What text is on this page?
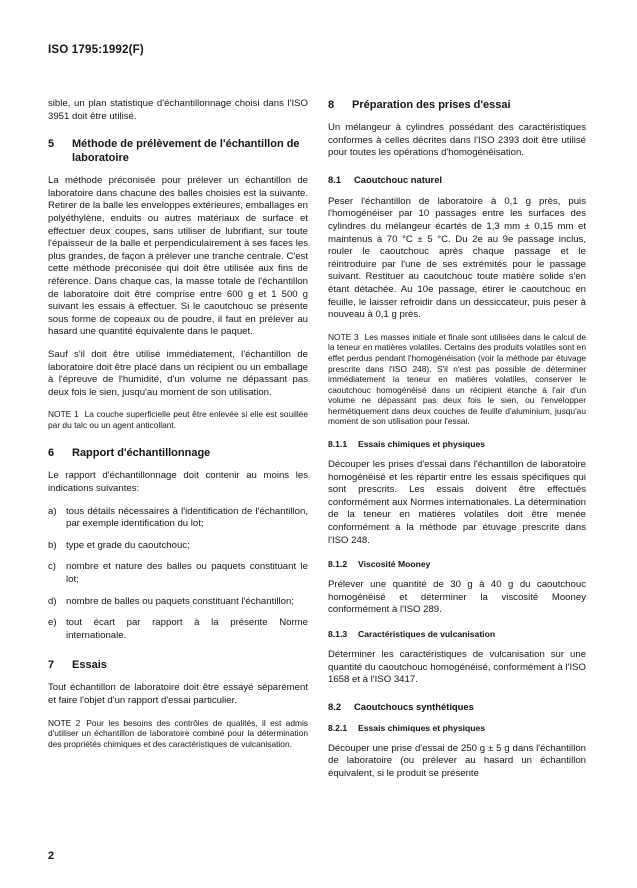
ISO 1795:1992(F)

sible, un plan statistique d'échantillonnage choisi dans l'ISO 3951 doit être utilisé.

5	Méthode de prélèvement de l'échantillon de laboratoire

La méthode préconisée pour prélever un échantillon de laboratoire dans chacune des balles choisies est la suivante. Retirer de la balle les enveloppes extérieures, emballages en polyéthylène, enduits ou autres matériaux de surface et effectuer deux coupes, sans utiliser de lubrifiant, sur toute l'épaisseur de la balle et perpendiculairement à ses faces les plus grandes, de façon à prélever une tranche centrale. C'est cette méthode préconisée qui doit être utilisée aux fins de référence. Dans chaque cas, la masse totale de l'échantillon de laboratoire doit être comprise entre 600 g et 1 500 g suivant les essais à effectuer. Si le caoutchouc se présente sous forme de copeaux ou de poudre, il faut en prélever au hasard une quantité équivalente dans le paquet.

Sauf s'il doit être utilisé immédiatement, l'échantillon de laboratoire doit être placé dans un récipient ou un emballage à l'épreuve de l'humidité, d'un volume ne dépassant pas deux fois le sien, jusqu'au moment de son utilisation.

NOTE 1 La couche superficielle peut être enlevée si elle est souillée par du talc ou un agent anticollant.
6	Rapport d'échantillonnage

Le rapport d'échantillonnage doit contenir au moins les indications suivantes:

a) tous détails nécessaires à l'identification de l'échantillon, par exemple identification du lot;
b) type et grade du caoutchouc;
c)	nombre et nature des balles ou paquets constituant le lot;
d) nombre de balles ou paquets constituant l'échantillon;
e) tout écart par rapport à la présente Norme internationale.
7	Essais

Tout échantillon de laboratoire doit être essayé séparément et faire l'objet d'un rapport d'essai particulier.

NOTE 2 Pour les besoins des contrôles de qualités, il est admis d'utiliser un échantillon de laboratoire combiné pour la détermination des propriétés chimiques et des caractéristiques de vulcanisation.
8	Préparation des prises d'essai

Un mélangeur à cylindres possédant des caractéristiques conformes à celles décrites dans l'ISO 2393 doit être utilisé pour toutes les opérations d'homogénéisation.

8.1	Caoutchouc naturel

Peser l'échantillon de laboratoire à 0,1 g près, puis l'homogénéiser par 10 passages entre les surfaces des cylindres du mélangeur écartés de 1,3 mm ± 0,15 mm et maintenus à 70 °C ± 5 °C. Du 2e au 9e passage inclus, rouler le caoutchouc après chaque passage et le réintroduire par l'une de ses extrémités pour le passage suivant. Restituer au caoutchouc toute matière solide s'en étant détachée. Au 10e passage, étirer le caoutchouc en feuille, le laisser refroidir dans un dessiccateur, puis peser à nouveau à 0,1 g près.

NOTE 3 Les masses initiale et finale sont utilisées dans le calcul de la teneur en matières volatiles. Certains des produits volatiles sont en effet perdus pendant l'homogénéisation (voir la méthode par étuvage prescrite dans l'ISO 248). S'il n'est pas possible de déterminer immédiatement la teneur en matières volatiles, conserver le caoutchouc homogénéisé dans un récipient étanche à l'air d'un volume ne dépassant pas deux fois le sien, ou l'envelopper hermétiquement dans deux couches de feuille d'aluminium, jusqu'au moment de son utilisation pour l'essai.
8.1.1	Essais chimiques et physiques

Découper les prises d'essai dans l'échantillon de laboratoire homogénéisé et les répartir entre les essais spécifiques qui sont prescrits. Les essais doivent être effectués conformément aux Normes internationales. La détermination de la teneur en matières volatiles doit être menée conformément à la méthode par étuvage prescrite dans l'ISO 248.

8.1.2	Viscosité Mooney

Prélever une quantité de 30 g à 40 g du caoutchouc homogénéisé et déterminer la viscosité Mooney conformément à l'ISO 289.

8.1.3	Caractéristiques de vulcanisation

Déterminer les caractéristiques de vulcanisation sur une quantité du caoutchouc homogénéisé, conformément à l'ISO 1658 et à l'ISO 3417.

8.2	Caoutchoucs synthétiques
8.2.1	Essais chimiques et physiques

Découper une prise d'essai de 250 g ± 5 g dans l'échantillon de laboratoire (ou prélever au hasard un échantillon équivalent, si le produit se présente

2
